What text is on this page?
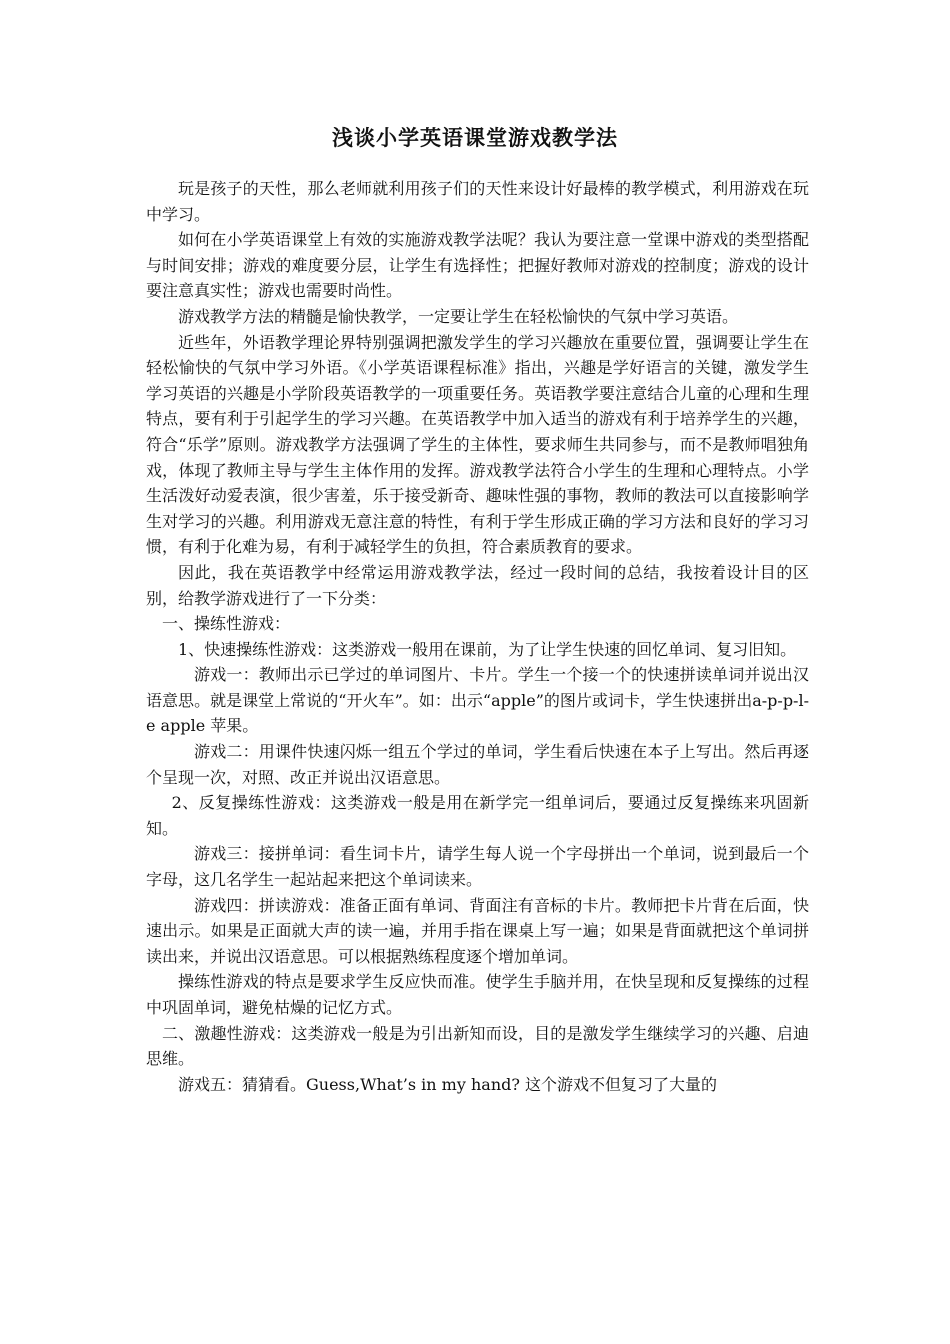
浅谈小学英语课堂游戏教学法

玩是孩子的天性，那么老师就利用孩子们的天性来设计好最棒的教学模式，利用游戏在玩中学习。

如何在小学英语课堂上有效的实施游戏教学法呢？我认为要注意一堂课中游戏的类型搭配与时间安排；游戏的难度要分层，让学生有选择性；把握好教师对游戏的控制度；游戏的设计要注意真实性；游戏也需要时尚性。

游戏教学方法的精髓是愉快教学，一定要让学生在轻松愉快的气氛中学习英语。

近些年，外语教学理论界特别强调把激发学生的学习兴趣放在重要位置，强调要让学生在轻松愉快的气氛中学习外语。《小学英语课程标准》指出，兴趣是学好语言的关键，激发学生学习英语的兴趣是小学阶段英语教学的一项重要任务。英语教学要注意结合儿童的心理和生理特点，要有利于引起学生的学习兴趣。在英语教学中加入适当的游戏有利于培养学生的兴趣，符合“乐学”原则。游戏教学方法强调了学生的主体性，要求师生共同参与，而不是教师唱独角戏，体现了教师主导与学生主体作用的发挥。游戏教学法符合小学生的生理和心理特点。小学生活泼好动爱表演，很少害羞，乐于接受新奇、趣味性强的事物，教师的教法可以直接影响学生对学习的兴趣。利用游戏无意注意的特性，有利于学生形成正确的学习方法和良好的学习习惯，有利于化难为易，有利于减轻学生的负担，符合素质教育的要求。

因此，我在英语教学中经常运用游戏教学法，经过一段时间的总结，我按着设计目的区别，给教学游戏进行了一下分类：

一、操练性游戏：

1、快速操练性游戏：这类游戏一般用在课前，为了让学生快速的回忆单词、复习旧知。

游戏一：教师出示已学过的单词图片、卡片。学生一个接一个的快速拼读单词并说出汉语意思。就是课堂上常说的“开火车”。如：出示“apple”的图片或词卡，学生快速拼出a-p-p-l-e apple 苹果。

游戏二：用课件快速闪烁一组五个学过的单词，学生看后快速在本子上写出。然后再逐个呈现一次，对照、改正并说出汉语意思。

2、反复操练性游戏：这类游戏一般是用在新学完一组单词后，要通过反复操练来巩固新知。

游戏三：接拼单词：看生词卡片，请学生每人说一个字母拼出一个单词，说到最后一个字母，这几名学生一起站起来把这个单词读来。

游戏四：拼读游戏：准备正面有单词、背面注有音标的卡片。教师把卡片背在后面，快速出示。如果是正面就大声的读一遍，并用手指在课桌上写一遍；如果是背面就把这个单词拼读出来，并说出汉语意思。可以根据熟练程度逐个增加单词。

操练性游戏的特点是要求学生反应快而准。使学生手脑并用，在快呈现和反复操练的过程中巩固单词，避免枯燥的记忆方式。

二、激趣性游戏：这类游戏一般是为引出新知而设，目的是激发学生继续学习的兴趣、启迪思维。

游戏五：猜猜看。Guess,What’s in my hand? 这个游戏不但复习了大量的
